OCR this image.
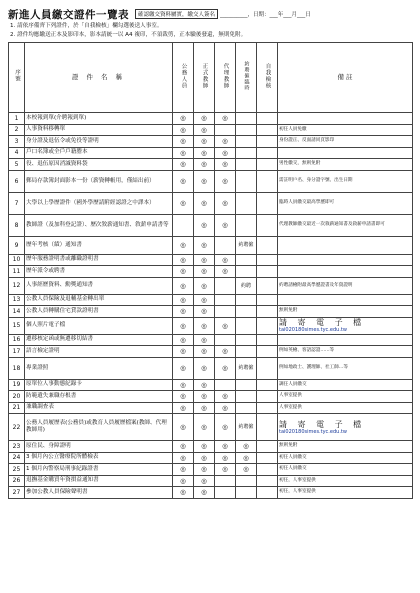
新進人員繳交證件一覽表	確認繳交資料屬實，繳交人簽名 __________，日期：___年___月___日
1. 請依序備齊下列證件，於「自我檢核」欄勾選後送人事室。
2. 證件均應繳送正本及影印本，影本請統一以 A4 複印，不須裁剪，正本驗後發還，無則免附。
序號	證 件 名 稱	公務人員	正式教師	代理教師	約聘僱臨時	自我檢核	備 註
1	本校報到單(介聘報到單)	◎	◎	◎			
2	人事資料移轉單	◎	◎				初任人員免繳
3	身分證及退伍令或免役等證明	◎	◎	◎			身份證正、反面請同頁影印
4	戶口名簿或全戶戶籍謄本	◎	◎	◎			
5	役、退伍原因消滅資料袋	◎	◎	◎			男性繳交，無則免附
6	郵局存款簿封面影本一份（薪資轉帳用，僅結出前）	◎	◎	◎			需註明戶名、身分證字號、出生日期
7	大學以上學歷證件（國外學歷請附經認證之中譯本）	◎	◎	◎			臨時人員繳交最高學歷即可
8	教師證（及加科登記證）、歷次敘薪通知書、敘薪申請書等		◎	◎			代理教師繳交最近一次敘薪通知書及敘薪申請書即可
9	歷年考核（績）通知書	◎	◎		約聘僱		
10	歷年服務證明書或離職證明書	◎	◎	◎			
11	歷年派令或聘書	◎	◎	◎			
12	人事經歷資料、勳獎通知書	◎	◎		約聘		約聘請檢附最高學歷證書及年資證明
13	公教人員保險及退輔基金轉出單	◎	◎				
14	公教人員轉購住宅貸款證明書	◎	◎				無則免附
15	個人照片電子檔	◎	◎	◎			請 寄 電 子 檔
tai020180simes.tyc.edu.tw

16	遷移核定函或無遷移切結書	◎	◎				
17	語言檢定證明	◎	◎	◎			例如英檢、客語認證……等
18	專業證照	◎	◎	◎	約聘僱		例如地政士、護理師、社工師…等
19	原單位人事動態紀錄卡	◎	◎				調任人員繳交
20	防範遺失兼職存根書	◎	◎	◎			人事室提供
21	兼職調查表	◎	◎	◎			人事室提供
22	公務人員履歷表(公務員)或教育人員履歷檔案(教師、代理教師用)	◎	◎	◎	約聘僱		請 寄 電 子 檔
tai020180simes.tyc.edu.tw

23	原住民、身障證明	◎	◎	◎	◎		無則免附
24	3 個月內公立醫療院所體檢表	◎	◎	◎	◎		初任人員繳交
25	1 個月內警察局刑事紀錄證書	◎	◎	◎	◎		初任人員繳交
26	退撫基金購買年資損益通知書	◎	◎				初任，人事室提供
27	參加公教人員保險聲明書	◎	◎				初任，人事室提供
